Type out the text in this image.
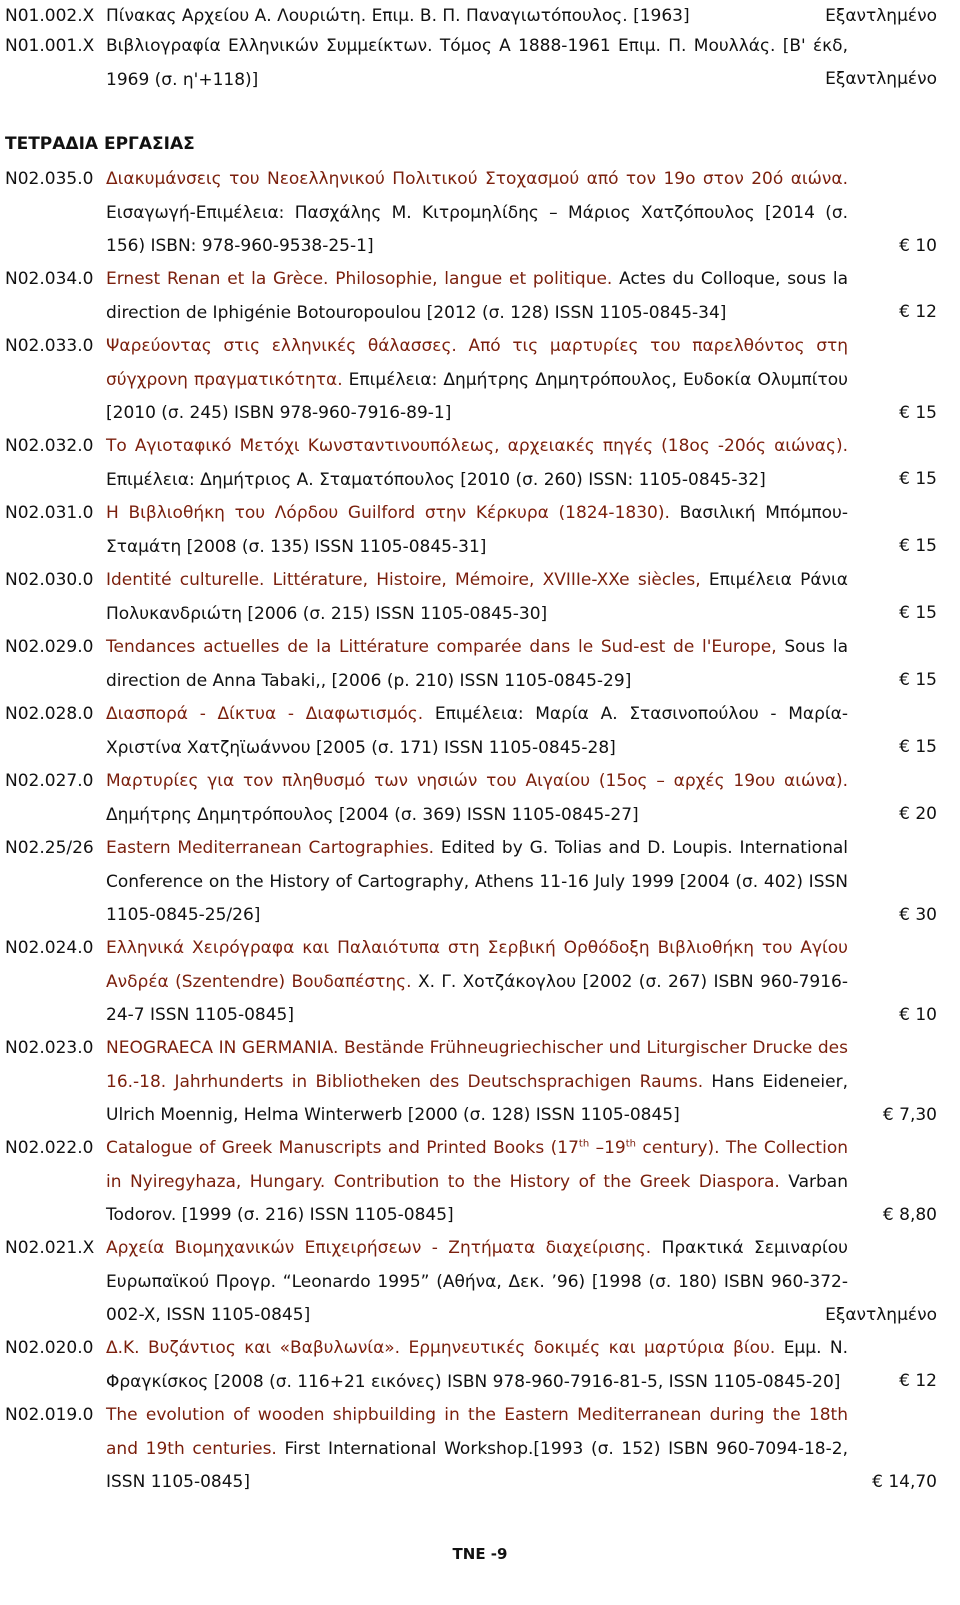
N01.002.X Πίνακας Αρχείου Α. Λουριώτη. Επιμ. Β. Π. Παναγιωτόπουλος. [1963]	Εξαντλημένο
N01.001.X Βιβλιογραφία Ελληνικών Συμμείκτων. Τόμος Α 1888-1961 Επιμ. Π. Μουλλάς. [Β' έκδ, 1969 (σ. η'+118)]	Εξαντλημένο
ΤΕΤΡΑΔΙΑ ΕΡΓΑΣΙΑΣ
N02.035.0 Διακυμάνσεις του Νεοελληνικού Πολιτικού Στοχασμού από τον 19ο στον 20ό αιώνα. Εισαγωγή-Επιμέλεια: Πασχάλης Μ. Κιτρομηλίδης – Μάριος Χατζόπουλος [2014 (σ. 156) ISBN: 978-960-9538-25-1]	€ 10
N02.034.0 Ernest Renan et la Grèce. Philosophie, langue et politique. Actes du Colloque, sous la direction de Iphigénie Botouropoulou [2012 (σ. 128) ISSN 1105-0845-34]	€ 12
N02.033.0 Ψαρεύοντας στις ελληνικές θάλασσες. Από τις μαρτυρίες του παρελθόντος στη σύγχρονη πραγματικότητα. Επιμέλεια: Δημήτρης Δημητρόπουλος, Ευδοκία Ολυμπίτου [2010 (σ. 245) ISBN 978-960-7916-89-1]	€ 15
N02.032.0 Το Αγιοταφικό Μετόχι Κωνσταντινουπόλεως, αρχειακές πηγές (18ος -20ός αιώνας). Επιμέλεια: Δημήτριος Α. Σταματόπουλος [2010 (σ. 260) ISSN: 1105-0845-32]	€ 15
N02.031.0 Η Βιβλιοθήκη του Λόρδου Guilford στην Κέρκυρα (1824-1830). Βασιλική Μπόμπου-Σταμάτη [2008 (σ. 135) ISSN 1105-0845-31]	€ 15
N02.030.0 Identité culturelle. Littérature, Histoire, Mémoire, XVIIIe-XXe siècles, Επιμέλεια Ράνια Πολυκανδριώτη [2006 (σ. 215) ISSN 1105-0845-30]	€ 15
N02.029.0 Tendances actuelles de la Littérature comparée dans le Sud-est de l'Europe, Sous la direction de Anna Tabaki,, [2006 (p. 210) ISSN 1105-0845-29]	€ 15
N02.028.0 Διασπορά - Δίκτυα - Διαφωτισμός. Επιμέλεια: Μαρία Α. Στασινοπούλου - Μαρία-Χριστίνα Χατζηϊωάννου [2005 (σ. 171) ISSN 1105-0845-28]	€ 15
N02.027.0 Μαρτυρίες για τον πληθυσμό των νησιών του Αιγαίου (15ος – αρχές 19ου αιώνα). Δημήτρης Δημητρόπουλος [2004 (σ. 369) ISSN 1105-0845-27]	€ 20
N02.25/26 Eastern Mediterranean Cartographies. Edited by G. Tolias and D. Loupis. International Conference on the History of Cartography, Athens 11-16 July 1999 [2004 (σ. 402) ISSN 1105-0845-25/26]	€ 30
N02.024.0 Ελληνικά Χειρόγραφα και Παλαιότυπα στη Σερβική Ορθόδοξη Βιβλιοθήκη του Αγίου Ανδρέα (Szentendre) Βουδαπέστης. Χ. Γ. Χοτζάκογλου [2002 (σ. 267) ISBN 960-7916-24-7 ISSN 1105-0845]	€ 10
N02.023.0 NEOGRAECA IN GERMANIA. Bestände Frühneugriechischer und Liturgischer Drucke des 16.-18. Jahrhunderts in Bibliotheken des Deutschsprachigen Raums. Hans Eideneier, Ulrich Moennig, Helma Winterwerb [2000 (σ. 128) ISSN 1105-0845]	€ 7,30
N02.022.0 Catalogue of Greek Manuscripts and Printed Books (17th –19th century). The Collection in Nyiregyhaza, Hungary. Contribution to the History of the Greek Diaspora. Varban Todorov. [1999 (σ. 216) ISSN 1105-0845]	€ 8,80
N02.021.X Αρχεία Βιομηχανικών Επιχειρήσεων - Ζητήματα διαχείρισης. Πρακτικά Σεμιναρίου Ευρωπαϊκού Προγρ. “Leonardo 1995” (Αθήνα, Δεκ. ’96) [1998 (σ. 180) ISBN 960-372-002-X, ISSN 1105-0845]	Εξαντλημένο
N02.020.0 Δ.Κ. Βυζάντιος και «Βαβυλωνία». Ερμηνευτικές δοκιμές και μαρτύρια βίου. Εμμ. Ν. Φραγκίσκος [2008 (σ. 116+21 εικόνες) ISBN 978-960-7916-81-5, ISSN 1105-0845-20]	€ 12
N02.019.0 The evolution of wooden shipbuilding in the Eastern Mediterranean during the 18th and 19th centuries. First International Workshop.[1993 (σ. 152) ISBN 960-7094-18-2, ISSN 1105-0845]	€ 14,70
TNE -9
